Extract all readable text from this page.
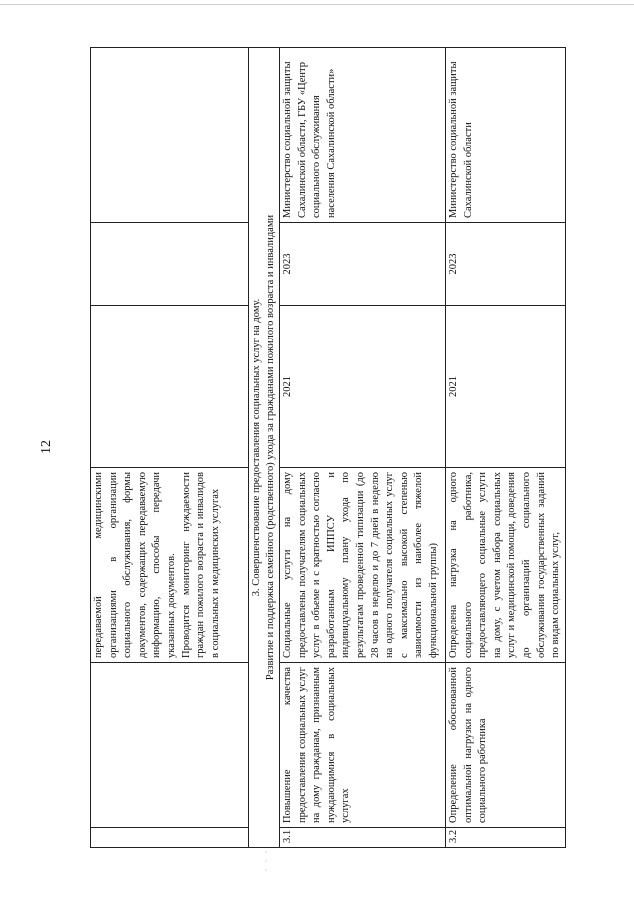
12
		передаваемой медицинскими организациями в организации социального обслуживания, формы документов, содержащих передаваемую информацию, способы передачи указанных документов.
Проводится мониторинг нуждаемости граждан пожилого возраста и инвалидов в социальных и медицинских услугах			
3. Совершенствование предоставления социальных услуг на дому.
Развитие и поддержка семейного (родственного) ухода за гражданами пожилого возраста и инвалидами					
3.1	Повышение качества предоставления социальных услуг на дому гражданам, признанным нуждающимися в социальных услугах	Социальные услуги на дому предоставлены получателям социальных услуг в объеме и с кратностью согласно разработанным ИППСУ и индивидуальному плану ухода по результатам проведенной типизации (до 28 часов в неделю и до 7 дней в неделю на одного получателя социальных услуг с максимально высокой степенью зависимости из наиболее тяжелой функциональной группы)	2021	2023	Министерство социальной защиты Сахалинской области, ГБУ «Центр социального обслуживания населения Сахалинской области»
3.2	Определение обоснованной оптимальной нагрузки на одного социального работника	Определена нагрузка на одного социального работника, предоставляющего социальные услуги на дому, с учетом набора социальных услуг и медицинской помощи, доведения до организаций социального обслуживания государственных заданий по видам социальных услуг,	2021	2023	Министерство социальной защиты Сахалинской области
·
·
·
